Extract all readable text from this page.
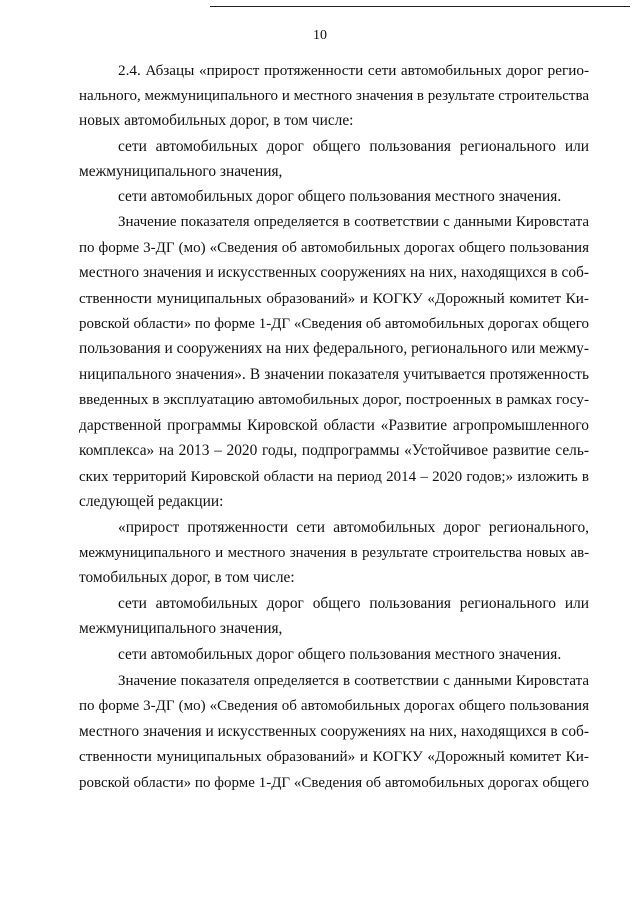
10

2.4. Абзацы «прирост протяженности сети автомобильных дорог регио-

нального, межмуниципального и местного значения в результате строительства

новых автомобильных дорог, в том числе:

сети автомобильных дорог общего пользования регионального или

межмуниципального значения,

сети автомобильных дорог общего пользования местного значения.

Значение показателя определяется в соответствии с данными Кировстата

по форме 3-ДГ (мо) «Сведения об автомобильных дорогах общего пользования

местного значения и искусственных сооружениях на них, находящихся в соб-

ственности муниципальных образований» и КОГКУ «Дорожный комитет Ки-

ровской области» по форме 1-ДГ «Сведения об автомобильных дорогах общего

пользования и сооружениях на них федерального, регионального или межму-

ниципального значения». В значении показателя учитывается протяженность

введенных в эксплуатацию автомобильных дорог, построенных в рамках госу-

дарственной программы Кировской области «Развитие агропромышленного

комплекса» на 2013 – 2020 годы, подпрограммы «Устойчивое развитие сель-

ских территорий Кировской области на период 2014 – 2020 годов;» изложить в

следующей редакции:

«прирост протяженности сети автомобильных дорог регионального,

межмуниципального и местного значения в результате строительства новых ав-

томобильных дорог, в том числе:

сети автомобильных дорог общего пользования регионального или

межмуниципального значения,

сети автомобильных дорог общего пользования местного значения.

Значение показателя определяется в соответствии с данными Кировстата

по форме 3-ДГ (мо) «Сведения об автомобильных дорогах общего пользования

местного значения и искусственных сооружениях на них, находящихся в соб-

ственности муниципальных образований» и КОГКУ «Дорожный комитет Ки-

ровской области» по форме 1-ДГ «Сведения об автомобильных дорогах общего
